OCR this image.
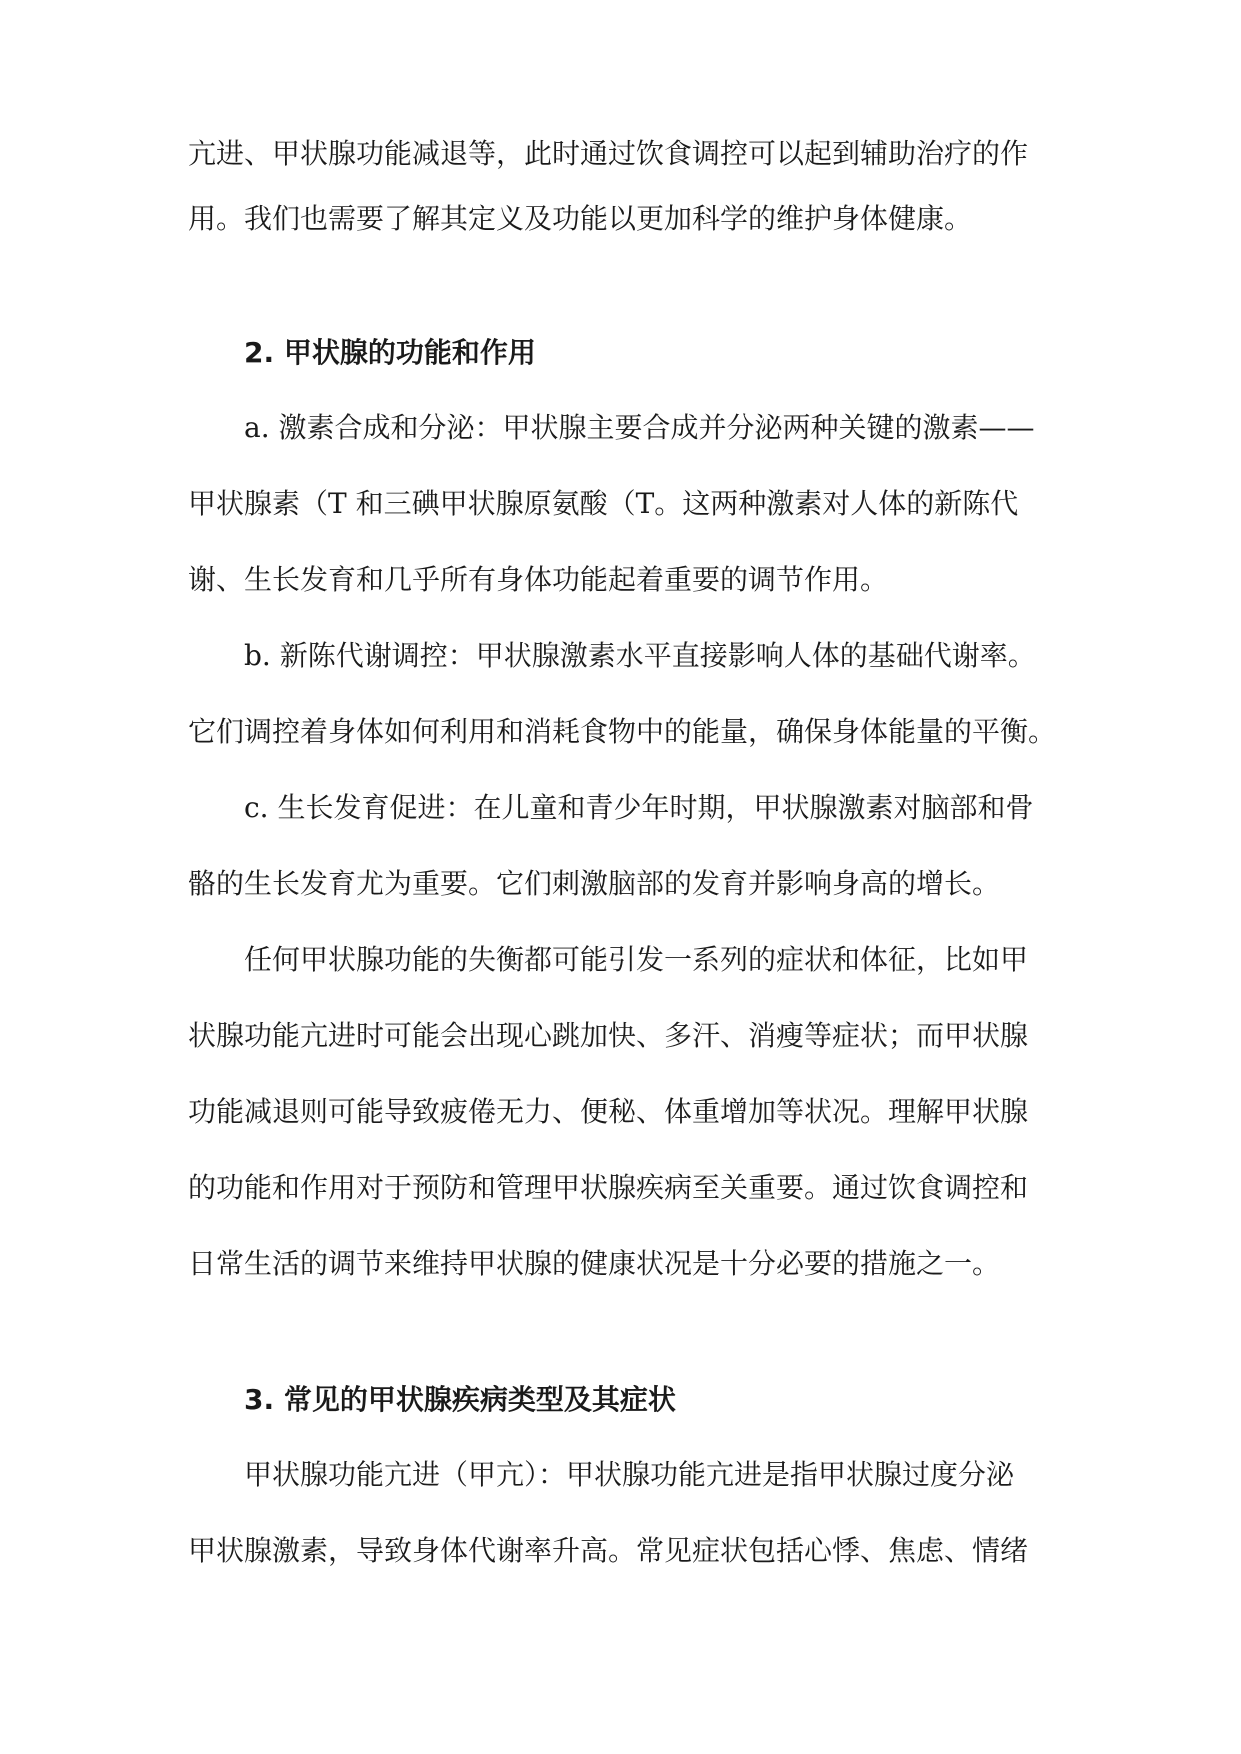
亢进、甲状腺功能减退等，此时通过饮食调控可以起到辅助治疗的作

用。我们也需要了解其定义及功能以更加科学的维护身体健康。

2. 甲状腺的功能和作用

a. 激素合成和分泌：甲状腺主要合成并分泌两种关键的激素——

甲状腺素（T 和三碘甲状腺原氨酸（T。这两种激素对人体的新陈代

谢、生长发育和几乎所有身体功能起着重要的调节作用。

b. 新陈代谢调控：甲状腺激素水平直接影响人体的基础代谢率。

它们调控着身体如何利用和消耗食物中的能量，确保身体能量的平衡。

c. 生长发育促进：在儿童和青少年时期，甲状腺激素对脑部和骨

骼的生长发育尤为重要。它们刺激脑部的发育并影响身高的增长。

任何甲状腺功能的失衡都可能引发一系列的症状和体征，比如甲

状腺功能亢进时可能会出现心跳加快、多汗、消瘦等症状；而甲状腺

功能减退则可能导致疲倦无力、便秘、体重增加等状况。理解甲状腺

的功能和作用对于预防和管理甲状腺疾病至关重要。通过饮食调控和

日常生活的调节来维持甲状腺的健康状况是十分必要的措施之一。

3. 常见的甲状腺疾病类型及其症状

甲状腺功能亢进（甲亢）：甲状腺功能亢进是指甲状腺过度分泌

甲状腺激素，导致身体代谢率升高。常见症状包括心悸、焦虑、情绪
